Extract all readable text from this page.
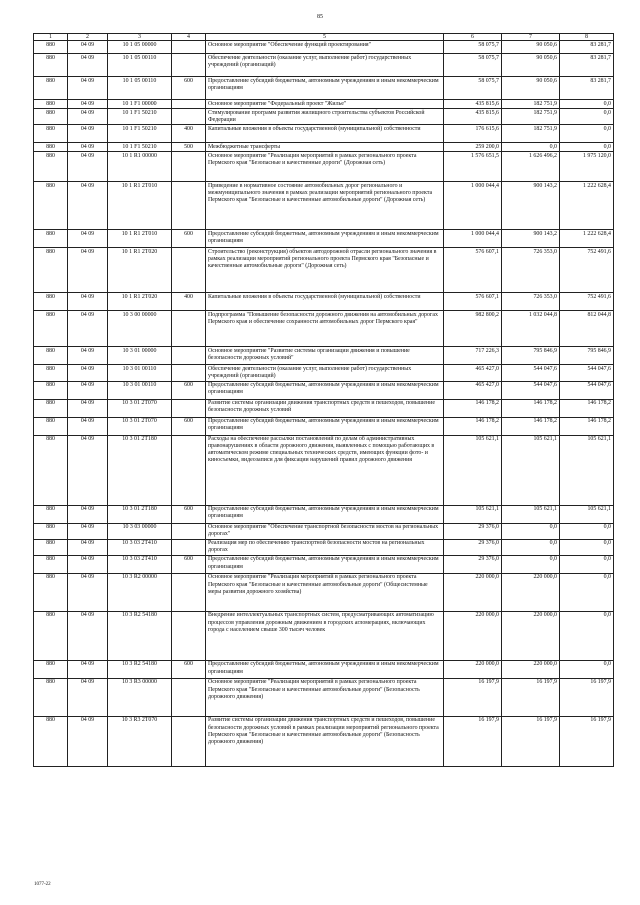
85
1	2	3	4	5	6	7	8
880	04 09	10 1 05 00000		Основное мероприятие "Обеспечение функций проектирования"	58 075,7	90 050,6	83 281,7
880	04 09	10 1 05 00110		Обеспечение деятельности (оказание услуг, выполнение работ) государственных учреждений (организаций)	58 075,7	90 050,6	83 281,7
880	04 09	10 1 05 00110	600	Предоставление субсидий бюджетным, автономным учреждениям и иным некоммерческим организациям	58 075,7	90 050,6	83 281,7
880	04 09	10 1 F1 00000		Основное мероприятие "Федеральный проект "Жилье"	435 815,6	182 751,9	0,0
880	04 09	10 1 F1 50210		Стимулирование программ развития жилищного строительства субъектов Российской Федерации	435 815,6	182 751,9	0,0
880	04 09	10 1 F1 50210	400	Капитальные вложения в объекты государственной (муниципальной) собственности	176 615,6	182 751,9	0,0
880	04 09	10 1 F1 50210	500	Межбюджетные трансферты	259 200,0	0,0	0,0
880	04 09	10 1 R1 00000		Основное мероприятие "Реализация мероприятий в рамках регионального проекта Пермского края "Безопасные и качественные дороги" (Дорожная сеть)	1 576 651,5	1 626 496,2	1 975 120,0
880	04 09	10 1 R1 2T010		Приведение в нормативное состояние автомобильных дорог регионального и межмуниципального значения в рамках реализации мероприятий регионального проекта Пермского края "Безопасные и качественные автомобильные дороги" (Дорожная сеть)	1 000 044,4	900 143,2	1 222 628,4
880	04 09	10 1 R1 2T010	600	Предоставление субсидий бюджетным, автономным учреждениям и иным некоммерческим организациям	1 000 044,4	900 143,2	1 222 628,4
880	04 09	10 1 R1 2T020		Строительство (реконструкция) объектов автодорожной отрасли регионального значения в рамках реализации мероприятий регионального проекта Пермского края "Безопасные и качественные автомобильные дороги" (Дорожная сеть)	576 607,1	726 353,0	752 491,6
880	04 09	10 1 R1 2T020	400	Капитальные вложения в объекты государственной (муниципальной) собственности	576 607,1	726 353,0	752 491,6
880	04 09	10 3 00 00000		Подпрограмма "Повышение безопасности дорожного движения на автомобильных дорогах Пермского края и обеспечение сохранности автомобильных дорог Пермского края"	982 800,2	1 032 044,8	812 044,8
880	04 09	10 3 01 00000		Основное мероприятие "Развитие системы организации движения и повышение безопасности дорожных условий"	717 226,3	795 846,9	795 846,9
880	04 09	10 3 01 00110		Обеспечение деятельности (оказание услуг, выполнение работ) государственных учреждений (организаций)	465 427,0	544 047,6	544 047,6
880	04 09	10 3 01 00110	600	Предоставление субсидий бюджетным, автономным учреждениям и иным некоммерческим организациям	465 427,0	544 047,6	544 047,6
880	04 09	10 3 01 2T070		Развитие системы организации движения транспортных средств и пешеходов, повышение безопасности дорожных условий	146 178,2	146 178,2	146 178,2
880	04 09	10 3 01 2T070	600	Предоставление субсидий бюджетным, автономным учреждениям и иным некоммерческим организациям	146 178,2	146 178,2	146 178,2
880	04 09	10 3 01 2T180		Расходы на обеспечение рассылки постановлений по делам об административных правонарушениях в области дорожного движения, выявленных с помощью работающих в автоматическом режиме специальных технических средств, имеющих функции фото- и киносъемки, видеозаписи для фиксации нарушений правил дорожного движения	105 621,1	105 621,1	105 621,1
880	04 09	10 3 01 2T180	600	Предоставление субсидий бюджетным, автономным учреждениям и иным некоммерческим организациям	105 621,1	105 621,1	105 621,1
880	04 09	10 3 03 00000		Основное мероприятие "Обеспечение транспортной безопасности мостов на региональных дорогах"	29 376,0	0,0	0,0
880	04 09	10 3 03 2T410		Реализация мер по обеспечению транспортной безопасности мостов на региональных дорогах	29 376,0	0,0	0,0
880	04 09	10 3 03 2T410	600	Предоставление субсидий бюджетным, автономным учреждениям и иным некоммерческим организациям	29 376,0	0,0	0,0
880	04 09	10 3 R2 00000		Основное мероприятие "Реализация мероприятий в рамках регионального проекта Пермского края "Безопасные и качественные автомобильные дороги" (Общесистемные меры развития дорожного хозяйства)	220 000,0	220 000,0	0,0
880	04 09	10 3 R2 54180		Внедрение интеллектуальных транспортных систем, предусматривающих автоматизацию процессов управления дорожным движением в городских агломерациях, включающих города с населением свыше 300 тысяч человек	220 000,0	220 000,0	0,0
880	04 09	10 3 R2 54180	600	Предоставление субсидий бюджетным, автономным учреждениям и иным некоммерческим организациям	220 000,0	220 000,0	0,0
880	04 09	10 3 R3 00000		Основное мероприятие "Реализация мероприятий в рамках регионального проекта Пермского края "Безопасные и качественные автомобильные дороги" (Безопасность дорожного движения)	16 197,9	16 197,9	16 197,9
880	04 09	10 3 R3 2T070		Развитие системы организации движения транспортных средств и пешеходов, повышение безопасности дорожных условий в рамках реализации мероприятий регионального проекта Пермского края "Безопасные и качественные автомобильные дороги" (Безопасность дорожного движения)	16 197,9	16 197,9	16 197,9
1077-22
